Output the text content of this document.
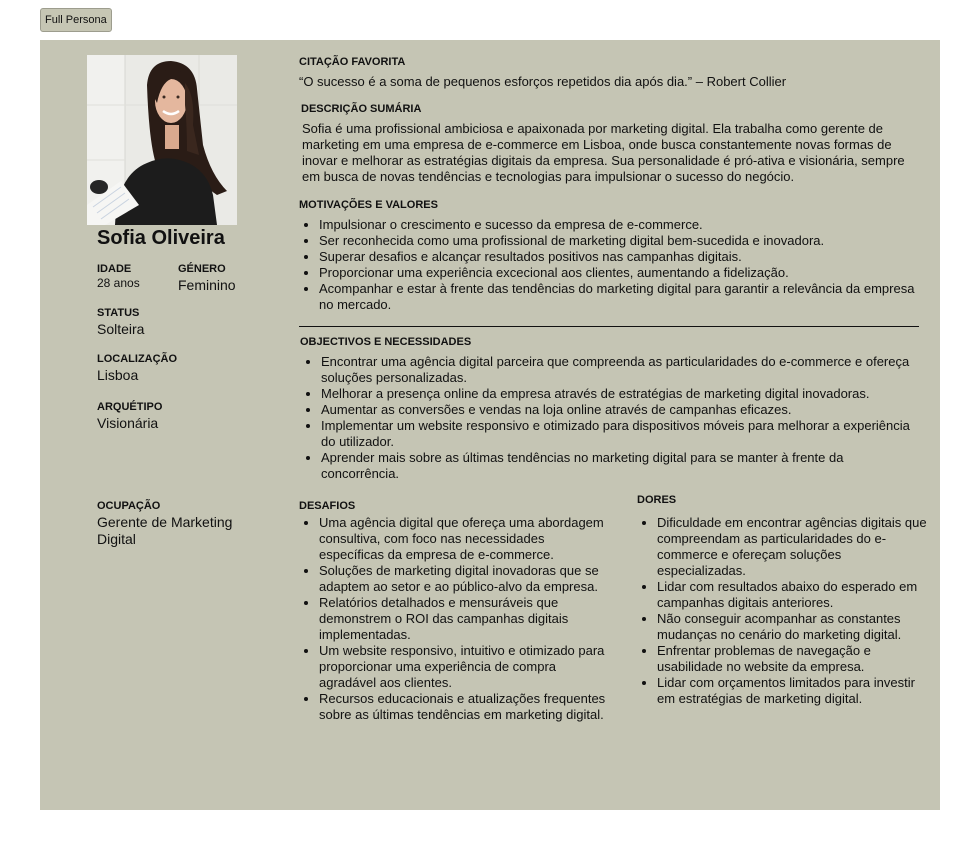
Full Persona
Sofia Oliveira

IDADE

28 anos

GÉNERO

Feminino

STATUS

Solteira

LOCALIZAÇÃO

Lisboa

ARQUÉTIPO

Visionária

OCUPAÇÃO

Gerente de Marketing Digital

CITAÇÃO FAVORITA

“O sucesso é a soma de pequenos esforços repetidos dia após dia.” – Robert Collier

DESCRIÇÃO SUMÁRIA

Sofia é uma profissional ambiciosa e apaixonada por marketing digital. Ela trabalha como gerente de marketing em uma empresa de e-commerce em Lisboa, onde busca constantemente novas formas de inovar e melhorar as estratégias digitais da empresa. Sua personalidade é pró-ativa e visionária, sempre em busca de novas tendências e tecnologias para impulsionar o sucesso do negócio.

MOTIVAÇÕES E VALORES

• Impulsionar o crescimento e sucesso da empresa de e-commerce.
• Ser reconhecida como uma profissional de marketing digital bem-sucedida e inovadora.
• Superar desafios e alcançar resultados positivos nas campanhas digitais.
• Proporcionar uma experiência excecional aos clientes, aumentando a fidelização.
• Acompanhar e estar à frente das tendências do marketing digital para garantir a relevância da empresa no mercado.

OBJECTIVOS E NECESSIDADES

• Encontrar uma agência digital parceira que compreenda as particularidades do e-commerce e ofereça soluções personalizadas.
• Melhorar a presença online da empresa através de estratégias de marketing digital inovadoras.
• Aumentar as conversões e vendas na loja online através de campanhas eficazes.
• Implementar um website responsivo e otimizado para dispositivos móveis para melhorar a experiência do utilizador.
• Aprender mais sobre as últimas tendências no marketing digital para se manter à frente da concorrência.

DESAFIOS

• Uma agência digital que ofereça uma abordagem consultiva, com foco nas necessidades específicas da empresa de e-commerce.
• Soluções de marketing digital inovadoras que se adaptem ao setor e ao público-alvo da empresa.
• Relatórios detalhados e mensuráveis que demonstrem o ROI das campanhas digitais implementadas.
• Um website responsivo, intuitivo e otimizado para proporcionar uma experiência de compra agradável aos clientes.
• Recursos educacionais e atualizações frequentes sobre as últimas tendências em marketing digital.

DORES

• Dificuldade em encontrar agências digitais que compreendam as particularidades do e-commerce e ofereçam soluções especializadas.
• Lidar com resultados abaixo do esperado em campanhas digitais anteriores.
• Não conseguir acompanhar as constantes mudanças no cenário do marketing digital.
• Enfrentar problemas de navegação e usabilidade no website da empresa.
• Lidar com orçamentos limitados para investir em estratégias de marketing digital.
